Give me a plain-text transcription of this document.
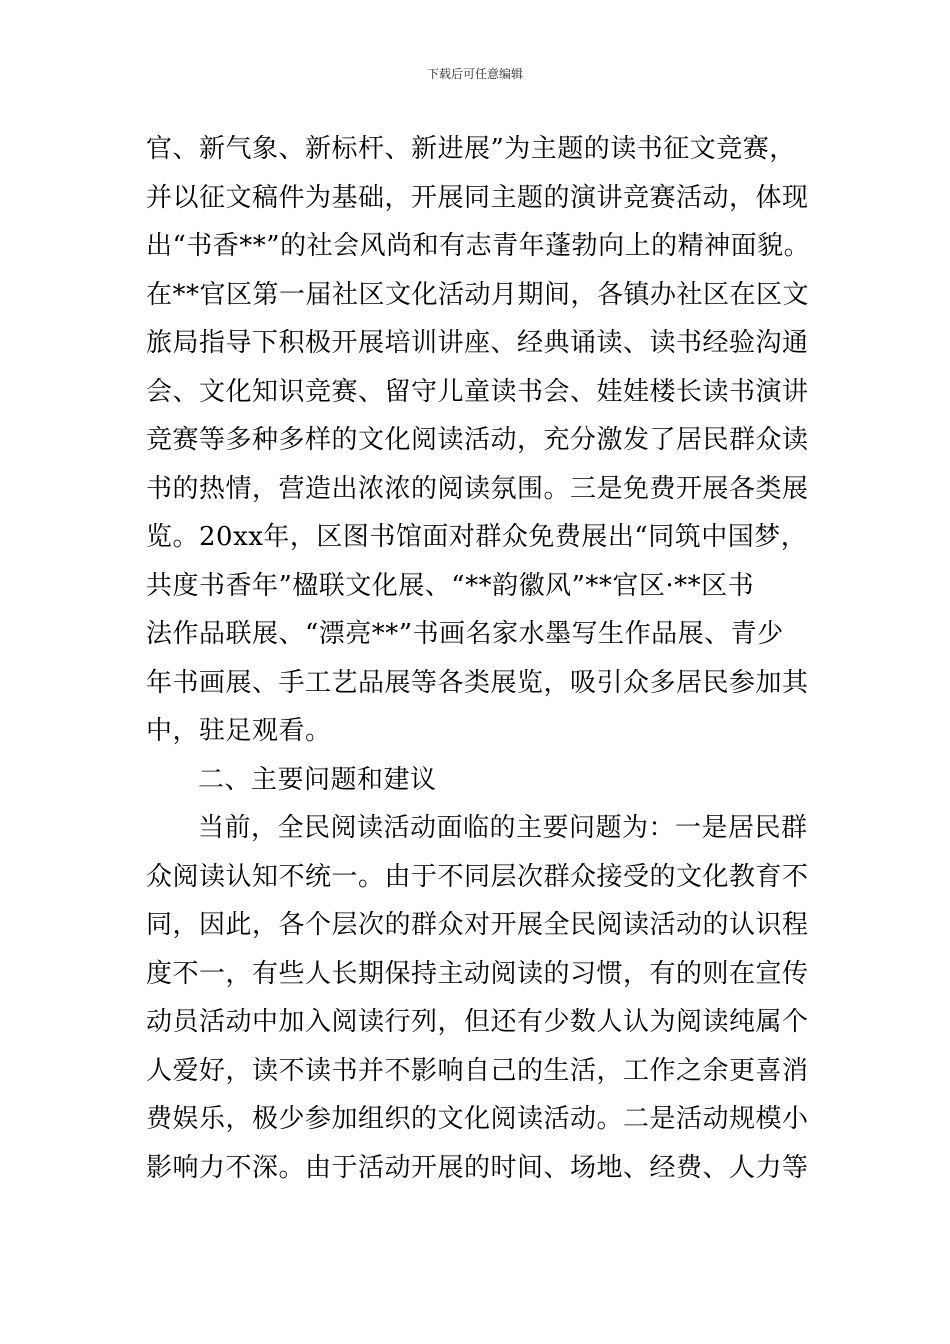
下载后可任意编辑
官、新气象、新标杆、新进展”为主题的读书征文竞赛，
并以征文稿件为基础，开展同主题的演讲竞赛活动，体现
出“书香**”的社会风尚和有志青年蓬勃向上的精神面貌。
在**官区第一届社区文化活动月期间，各镇办社区在区文
旅局指导下积极开展培训讲座、经典诵读、读书经验沟通
会、文化知识竞赛、留守儿童读书会、娃娃楼长读书演讲
竞赛等多种多样的文化阅读活动，充分激发了居民群众读
书的热情，营造出浓浓的阅读氛围。三是免费开展各类展
览。20xx年，区图书馆面对群众免费展出“同筑中国梦，
共度书香年”楹联文化展、“**韵徽风”**官区·**区书
法作品联展、“漂亮**”书画名家水墨写生作品展、青少
年书画展、手工艺品展等各类展览，吸引众多居民参加其
中，驻足观看。
二、主要问题和建议
当前，全民阅读活动面临的主要问题为：一是居民群
众阅读认知不统一。由于不同层次群众接受的文化教育不
同，因此，各个层次的群众对开展全民阅读活动的认识程
度不一，有些人长期保持主动阅读的习惯，有的则在宣传
动员活动中加入阅读行列，但还有少数人认为阅读纯属个
人爱好，读不读书并不影响自己的生活，工作之余更喜消
费娱乐，极少参加组织的文化阅读活动。二是活动规模小
影响力不深。由于活动开展的时间、场地、经费、人力等
